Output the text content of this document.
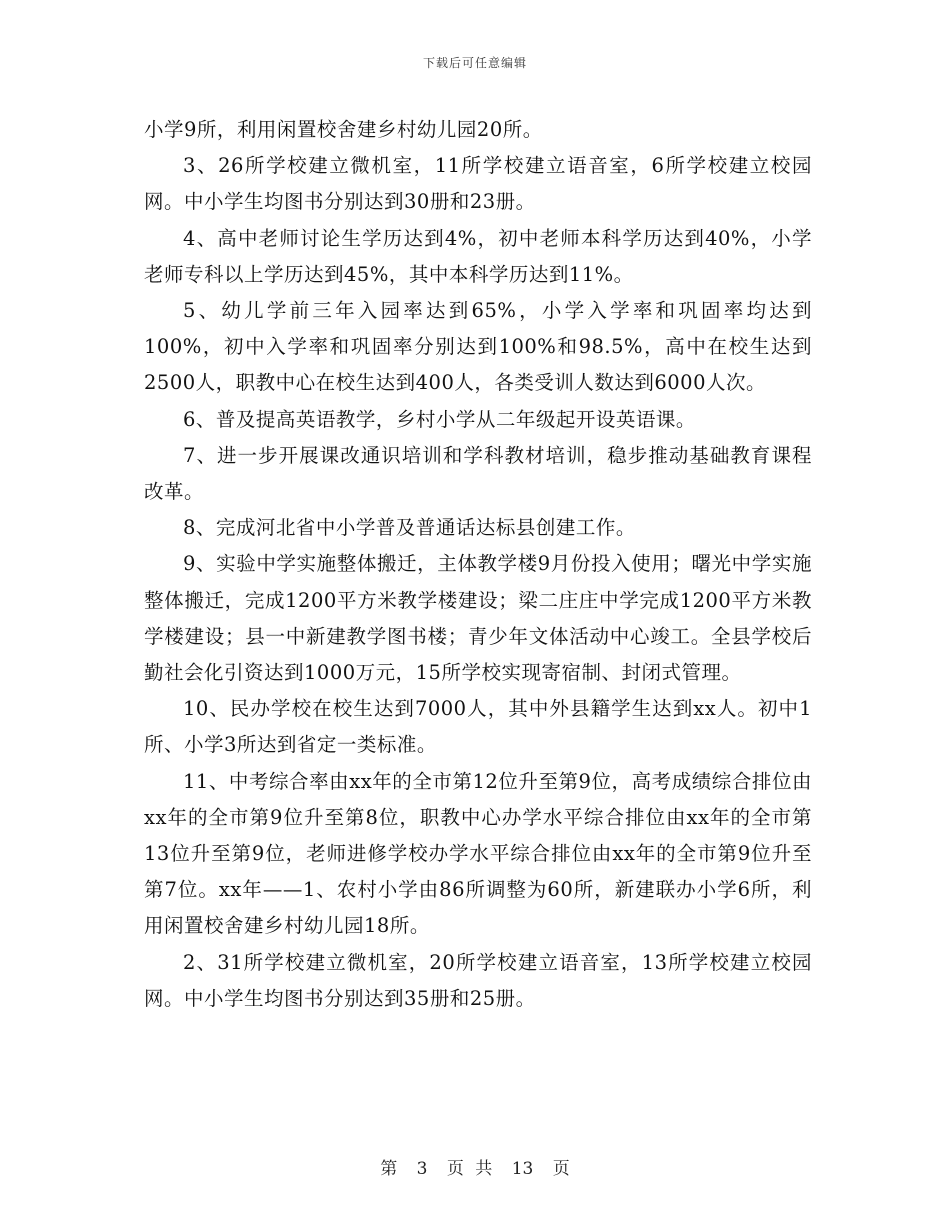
下载后可任意编辑

小学9所，利用闲置校舍建乡村幼儿园20所。

3、26所学校建立微机室，11所学校建立语音室，6所学校建立校园网。中小学生均图书分别达到30册和23册。

4、高中老师讨论生学历达到4%，初中老师本科学历达到40%，小学老师专科以上学历达到45%，其中本科学历达到11%。

5、幼儿学前三年入园率达到65%，小学入学率和巩固率均达到100%，初中入学率和巩固率分别达到100%和98.5%，高中在校生达到2500人，职教中心在校生达到400人，各类受训人数达到6000人次。

6、普及提高英语教学，乡村小学从二年级起开设英语课。

7、进一步开展课改通识培训和学科教材培训，稳步推动基础教育课程改革。

8、完成河北省中小学普及普通话达标县创建工作。

9、实验中学实施整体搬迁，主体教学楼9月份投入使用；曙光中学实施整体搬迁，完成1200平方米教学楼建设；梁二庄庄中学完成1200平方米教学楼建设；县一中新建教学图书楼；青少年文体活动中心竣工。全县学校后勤社会化引资达到1000万元，15所学校实现寄宿制、封闭式管理。

10、民办学校在校生达到7000人，其中外县籍学生达到xx人。初中1所、小学3所达到省定一类标准。

11、中考综合率由xx年的全市第12位升至第9位，高考成绩综合排位由xx年的全市第9位升至第8位，职教中心办学水平综合排位由xx年的全市第13位升至第9位，老师进修学校办学水平综合排位由xx年的全市第9位升至第7位。xx年——1、农村小学由86所调整为60所，新建联办小学6所，利用闲置校舍建乡村幼儿园18所。

2、31所学校建立微机室，20所学校建立语音室，13所学校建立校园网。中小学生均图书分别达到35册和25册。

第 3 页 共 13 页
